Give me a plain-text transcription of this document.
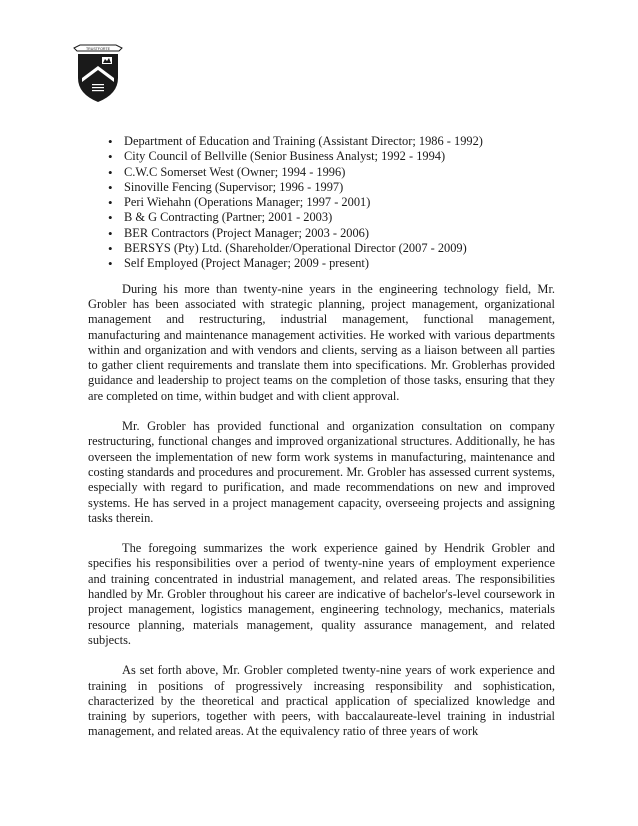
TRUSTFORTE
• Department of Education and Training (Assistant Director; 1986 - 1992)
• City Council of Bellville (Senior Business Analyst; 1992 - 1994)
• C.W.C Somerset West (Owner; 1994 - 1996)
• Sinoville Fencing (Supervisor; 1996 - 1997)
• Peri Wiehahn (Operations Manager; 1997 - 2001)
• B & G Contracting (Partner; 2001 - 2003)
• BER Contractors (Project Manager; 2003 - 2006)
• BERSYS (Pty) Ltd. (Shareholder/Operational Director (2007 - 2009)
• Self Employed (Project Manager; 2009 - present)

During his more than twenty-nine years in the engineering technology field, Mr. Grobler has been associated with strategic planning, project management, organizational management and restructuring, industrial management, functional management, manufacturing and maintenance management activities. He worked with various departments within and organization and with vendors and clients, serving as a liaison between all parties to gather client requirements and translate them into specifications. Mr. Groblerhas provided guidance and leadership to project teams on the completion of those tasks, ensuring that they are completed on time, within budget and with client approval.

Mr. Grobler has provided functional and organization consultation on company restructuring, functional changes and improved organizational structures. Additionally, he has overseen the implementation of new form work systems in manufacturing, maintenance and costing standards and procedures and procurement. Mr. Grobler has assessed current systems, especially with regard to purification, and made recommendations on new and improved systems. He has served in a project management capacity, overseeing projects and assigning tasks therein.

The foregoing summarizes the work experience gained by Hendrik Grobler and specifies his responsibilities over a period of twenty-nine years of employment experience and training concentrated in industrial management, and related areas. The responsibilities handled by Mr. Grobler throughout his career are indicative of bachelor's-level coursework in project management, logistics management, engineering technology, mechanics, materials resource planning, materials management, quality assurance management, and related subjects.

As set forth above, Mr. Grobler completed twenty-nine years of work experience and training in positions of progressively increasing responsibility and sophistication, characterized by the theoretical and practical application of specialized knowledge and training by superiors, together with peers, with baccalaureate-level training in industrial management, and related areas. At the equivalency ratio of three years of work
